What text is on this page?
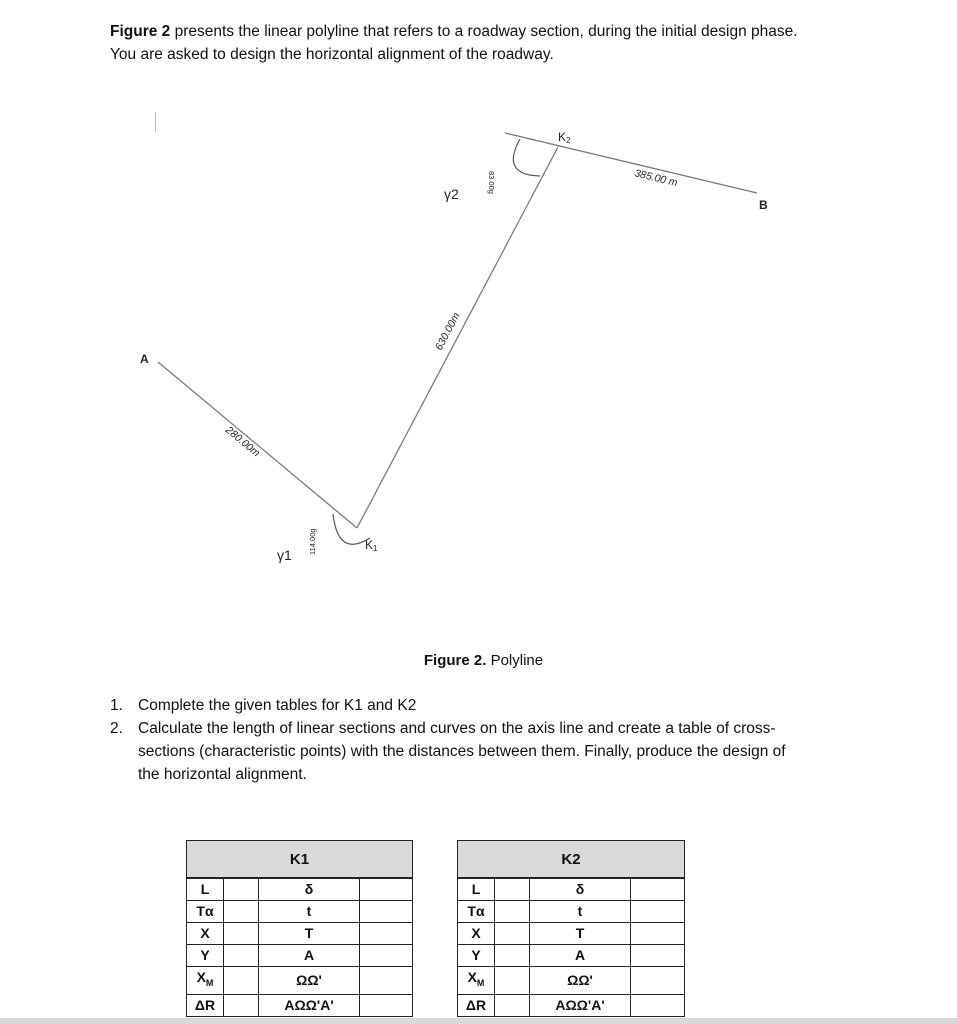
Figure 2 presents the linear polyline that refers to a roadway section, during the initial design phase. You are asked to design the horizontal alignment of the roadway.

A
B
K1
K2
280.00m
630.00m
385.00 m
γ1
γ2
114.00g
83.00g

Figure 2. Polyline

1. Complete the given tables for K1 and K2
2. Calculate the length of linear sections and curves on the axis line and create a table of cross-sections (characteristic points) with the distances between them. Finally, produce the design of the horizontal alignment.
K1			

L		δ	
Tα		t	
X		T	
Y		A	
$X_M$		ΩΩ'	
ΔR		ΑΩΩ'Α'	
K2			

L		δ	
Tα		t	
X		T	
Y		A	
$X_M$		ΩΩ'	
ΔR		ΑΩΩ'Α'	
